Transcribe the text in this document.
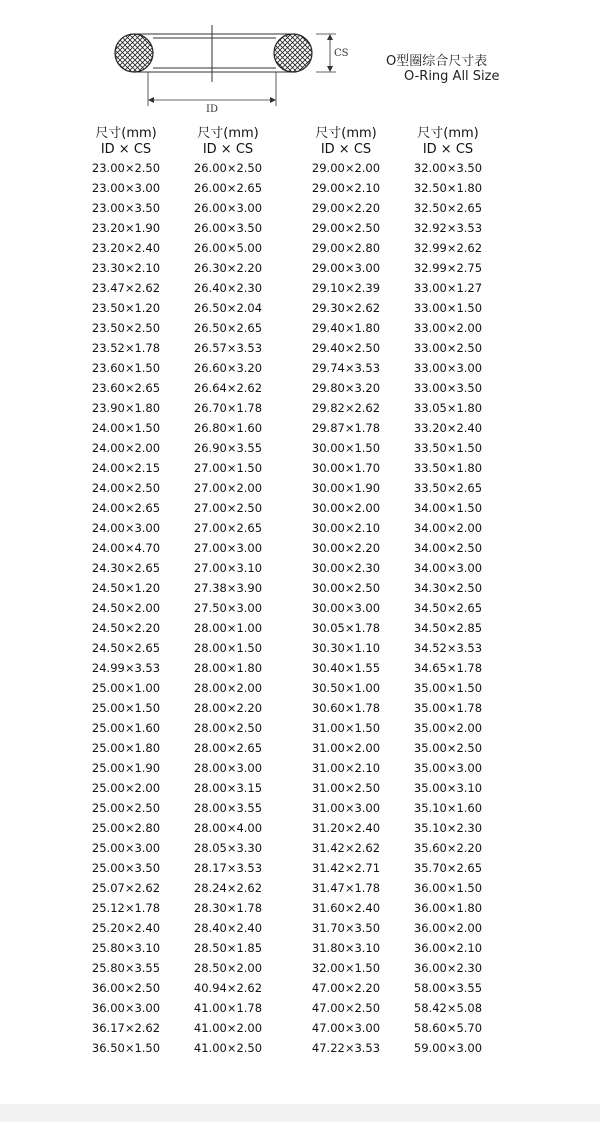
CS
ID
O型圈综合尺寸表
O-Ring All Size
尺寸(mm)	尺寸(mm)	尺寸(mm)	尺寸(mm)
ID × CS	ID × CS	ID × CS	ID × CS
23.00×2.50	26.00×2.50	29.00×2.00	32.00×3.50
23.00×3.00	26.00×2.65	29.00×2.10	32.50×1.80
23.00×3.50	26.00×3.00	29.00×2.20	32.50×2.65
23.20×1.90	26.00×3.50	29.00×2.50	32.92×3.53
23.20×2.40	26.00×5.00	29.00×2.80	32.99×2.62
23.30×2.10	26.30×2.20	29.00×3.00	32.99×2.75
23.47×2.62	26.40×2.30	29.10×2.39	33.00×1.27
23.50×1.20	26.50×2.04	29.30×2.62	33.00×1.50
23.50×2.50	26.50×2.65	29.40×1.80	33.00×2.00
23.52×1.78	26.57×3.53	29.40×2.50	33.00×2.50
23.60×1.50	26.60×3.20	29.74×3.53	33.00×3.00
23.60×2.65	26.64×2.62	29.80×3.20	33.00×3.50
23.90×1.80	26.70×1.78	29.82×2.62	33.05×1.80
24.00×1.50	26.80×1.60	29.87×1.78	33.20×2.40
24.00×2.00	26.90×3.55	30.00×1.50	33.50×1.50
24.00×2.15	27.00×1.50	30.00×1.70	33.50×1.80
24.00×2.50	27.00×2.00	30.00×1.90	33.50×2.65
24.00×2.65	27.00×2.50	30.00×2.00	34.00×1.50
24.00×3.00	27.00×2.65	30.00×2.10	34.00×2.00
24.00×4.70	27.00×3.00	30.00×2.20	34.00×2.50
24.30×2.65	27.00×3.10	30.00×2.30	34.00×3.00
24.50×1.20	27.38×3.90	30.00×2.50	34.30×2.50
24.50×2.00	27.50×3.00	30.00×3.00	34.50×2.65
24.50×2.20	28.00×1.00	30.05×1.78	34.50×2.85
24.50×2.65	28.00×1.50	30.30×1.10	34.52×3.53
24.99×3.53	28.00×1.80	30.40×1.55	34.65×1.78
25.00×1.00	28.00×2.00	30.50×1.00	35.00×1.50
25.00×1.50	28.00×2.20	30.60×1.78	35.00×1.78
25.00×1.60	28.00×2.50	31.00×1.50	35.00×2.00
25.00×1.80	28.00×2.65	31.00×2.00	35.00×2.50
25.00×1.90	28.00×3.00	31.00×2.10	35.00×3.00
25.00×2.00	28.00×3.15	31.00×2.50	35.00×3.10
25.00×2.50	28.00×3.55	31.00×3.00	35.10×1.60
25.00×2.80	28.00×4.00	31.20×2.40	35.10×2.30
25.00×3.00	28.05×3.30	31.42×2.62	35.60×2.20
25.00×3.50	28.17×3.53	31.42×2.71	35.70×2.65
25.07×2.62	28.24×2.62	31.47×1.78	36.00×1.50
25.12×1.78	28.30×1.78	31.60×2.40	36.00×1.80
25.20×2.40	28.40×2.40	31.70×3.50	36.00×2.00
25.80×3.10	28.50×1.85	31.80×3.10	36.00×2.10
25.80×3.55	28.50×2.00	32.00×1.50	36.00×2.30
36.00×2.50	40.94×2.62	47.00×2.20	58.00×3.55
36.00×3.00	41.00×1.78	47.00×2.50	58.42×5.08
36.17×2.62	41.00×2.00	47.00×3.00	58.60×5.70
36.50×1.50	41.00×2.50	47.22×3.53	59.00×3.00
